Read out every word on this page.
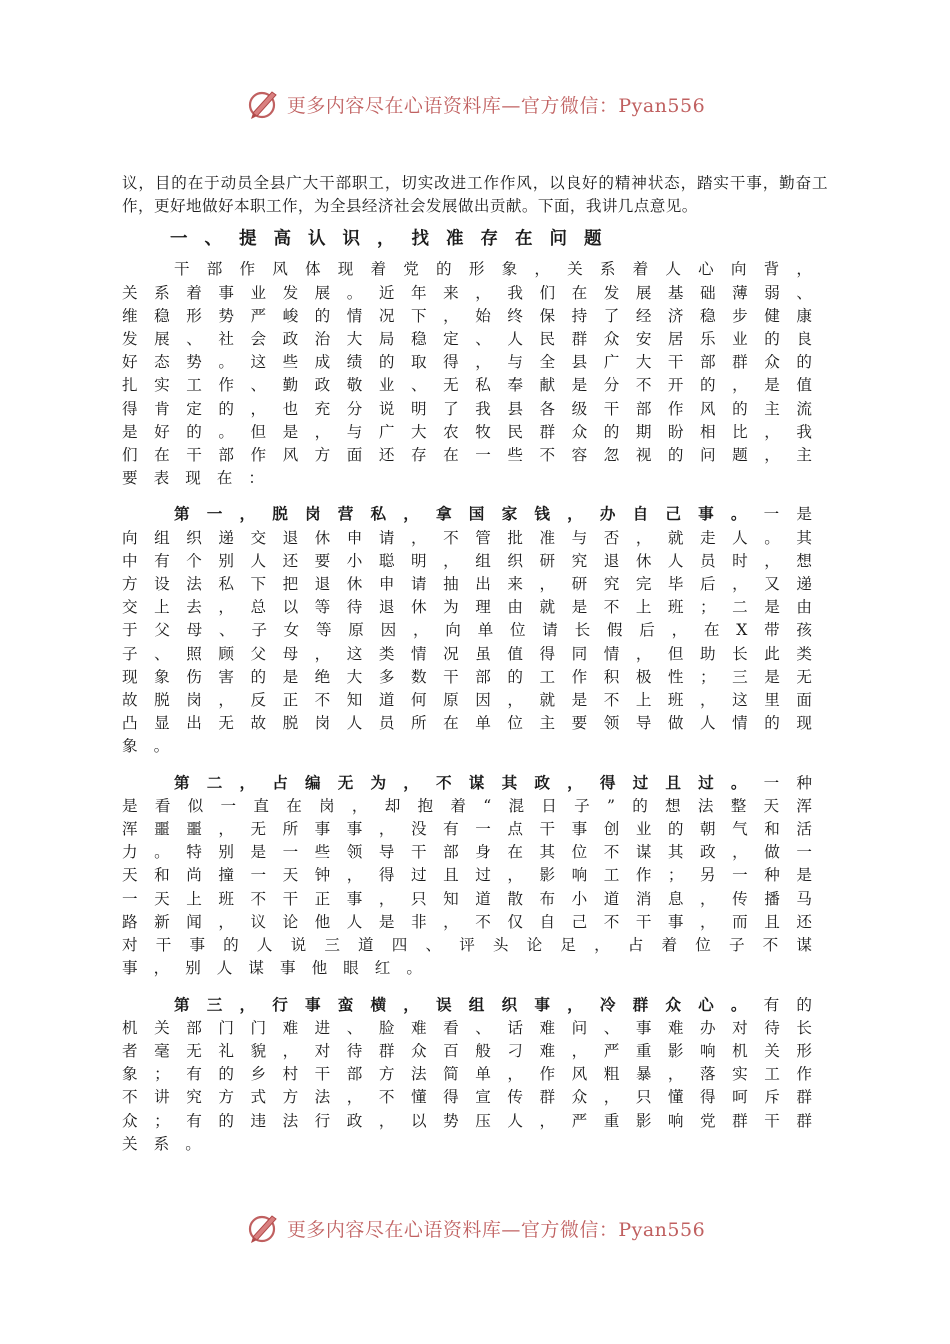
更多内容尽在心语资料库—官方微信：Pyan556

议，目的在于动员全县广大干部职工，切实改进工作作风，以良好的精神状态，踏实干事，勤奋工作，更好地做好本职工作，为全县经济社会发展做出贡献。下面，我讲几点意见。

一、提高认识，找准存在问题

干部作风体现着党的形象，关系着人心向背，关系着事业发展。近年来，我们在发展基础薄弱、维稳形势严峻的情况下，始终保持了经济稳步健康发展、社会政治大局稳定、人民群众安居乐业的良好态势。这些成绩的取得，与全县广大干部群众的扎实工作、勤政敬业、无私奉献是分不开的，是值得肯定的，也充分说明了我县各级干部作风的主流是好的。但是，与广大农牧民群众的期盼相比，我们在干部作风方面还存在一些不容忽视的问题，主要表现在：

第一，脱岗营私，拿国家钱，办自己事。一是向组织递交退休申请，不管批准与否，就走人。其中有个别人还要小聪明，组织研究退休人员时，想方设法私下把退休申请抽出来，研究完毕后，又递交上去，总以等待退休为理由就是不上班；二是由于父母、子女等原因，向单位请长假后，在X带孩子、照顾父母，这类情况虽值得同情，但助长此类现象伤害的是绝大多数干部的工作积极性；三是无故脱岗，反正不知道何原因，就是不上班，这里面凸显出无故脱岗人员所在单位主要领导做人情的现象。

第二，占编无为，不谋其政，得过且过。一种是看似一直在岗，却抱着“混日子”的想法整天浑浑噩噩，无所事事，没有一点干事创业的朝气和活力。特别是一些领导干部身在其位不谋其政，做一天和尚撞一天钟，得过且过，影响工作；另一种是一天上班不干正事，只知道散布小道消息，传播马路新闻，议论他人是非，不仅自己不干事，而且还对干事的人说三道四、评头论足，占着位子不谋事，别人谋事他眼红。

第三，行事蛮横，误组织事，冷群众心。有的机关部门门难进、脸难看、话难问、事难办对待长者毫无礼貌，对待群众百般刁难，严重影响机关形象；有的乡村干部方法简单，作风粗暴，落实工作不讲究方式方法，不懂得宣传群众，只懂得呵斥群众；有的违法行政，以势压人，严重影响党群干群关系。

更多内容尽在心语资料库—官方微信：Pyan556
